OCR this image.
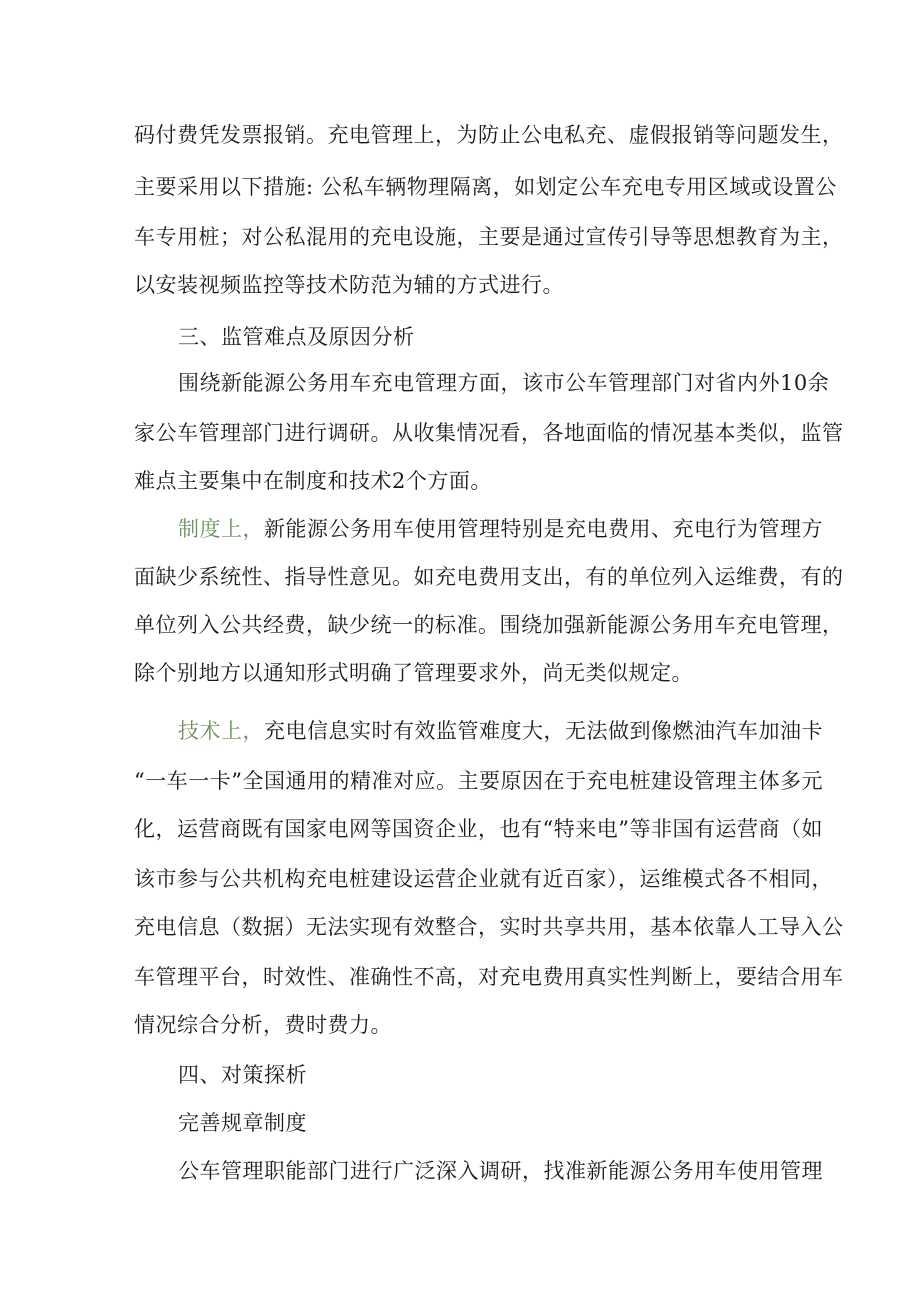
码付费凭发票报销。充电管理上，为防止公电私充、虚假报销等问题发生，
主要采用以下措施: 公私车辆物理隔离，如划定公车充电专用区域或设置公
车专用桩；对公私混用的充电设施，主要是通过宣传引导等思想教育为主，
以安装视频监控等技术防范为辅的方式进行。
三、监管难点及原因分析
围绕新能源公务用车充电管理方面，该市公车管理部门对省内外10余
家公车管理部门进行调研。从收集情况看，各地面临的情况基本类似，监管
难点主要集中在制度和技术2个方面。
制度上，新能源公务用车使用管理特别是充电费用、充电行为管理方
面缺少系统性、指导性意见。如充电费用支出，有的单位列入运维费，有的
单位列入公共经费，缺少统一的标准。围绕加强新能源公务用车充电管理，
除个别地方以通知形式明确了管理要求外，尚无类似规定。
技术上，充电信息实时有效监管难度大，无法做到像燃油汽车加油卡
“一车一卡”全国通用的精准对应。主要原因在于充电桩建设管理主体多元
化，运营商既有国家电网等国资企业，也有“特来电”等非国有运营商（如
该市参与公共机构充电桩建设运营企业就有近百家），运维模式各不相同，
充电信息（数据）无法实现有效整合，实时共享共用，基本依靠人工导入公
车管理平台，时效性、准确性不高，对充电费用真实性判断上，要结合用车
情况综合分析，费时费力。
四、对策探析
完善规章制度
公车管理职能部门进行广泛深入调研，找准新能源公务用车使用管理
